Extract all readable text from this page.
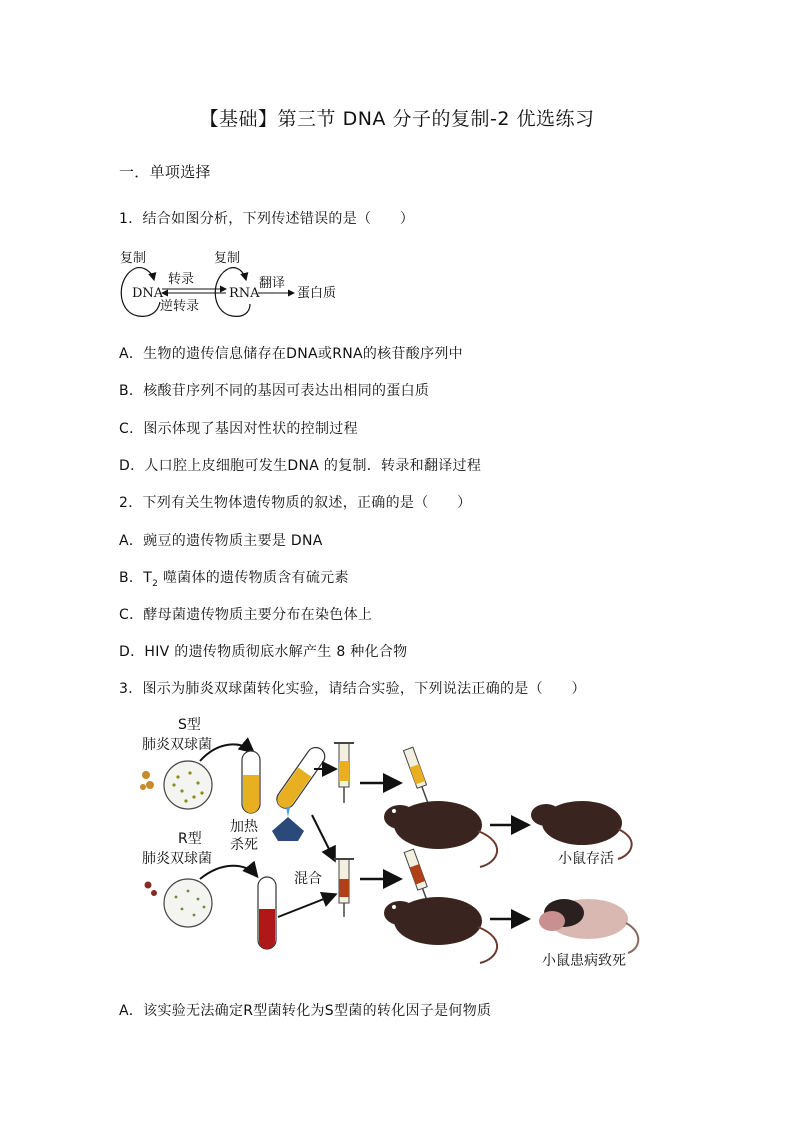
【基础】第三节 DNA 分子的复制-2 优选练习
一．单项选择
1．结合如图分析，下列传述错误的是（　　）
复制	复制
DNA	RNA
转录
逆转录
翻译
蛋白质
A．生物的遗传信息储存在DNA或RNA的核苷酸序列中
B．核酸苷序列不同的基因可表达出相同的蛋白质
C．图示体现了基因对性状的控制过程
D．人口腔上皮细胞可发生DNA 的复制．转录和翻译过程
2．下列有关生物体遗传物质的叙述，正确的是（　　）
A．豌豆的遗传物质主要是 DNA
B．$T_2$ 噬菌体的遗传物质含有硫元素
C．酵母菌遗传物质主要分布在染色体上
D．HIV 的遗传物质彻底水解产生 8 种化合物
3．图示为肺炎双球菌转化实验，请结合实验，下列说法正确的是（　　）
S型
肺炎双球菌
加热
杀死
小鼠存活
R型
肺炎双球菌
混合
小鼠患病致死
A．该实验无法确定R型菌转化为S型菌的转化因子是何物质
